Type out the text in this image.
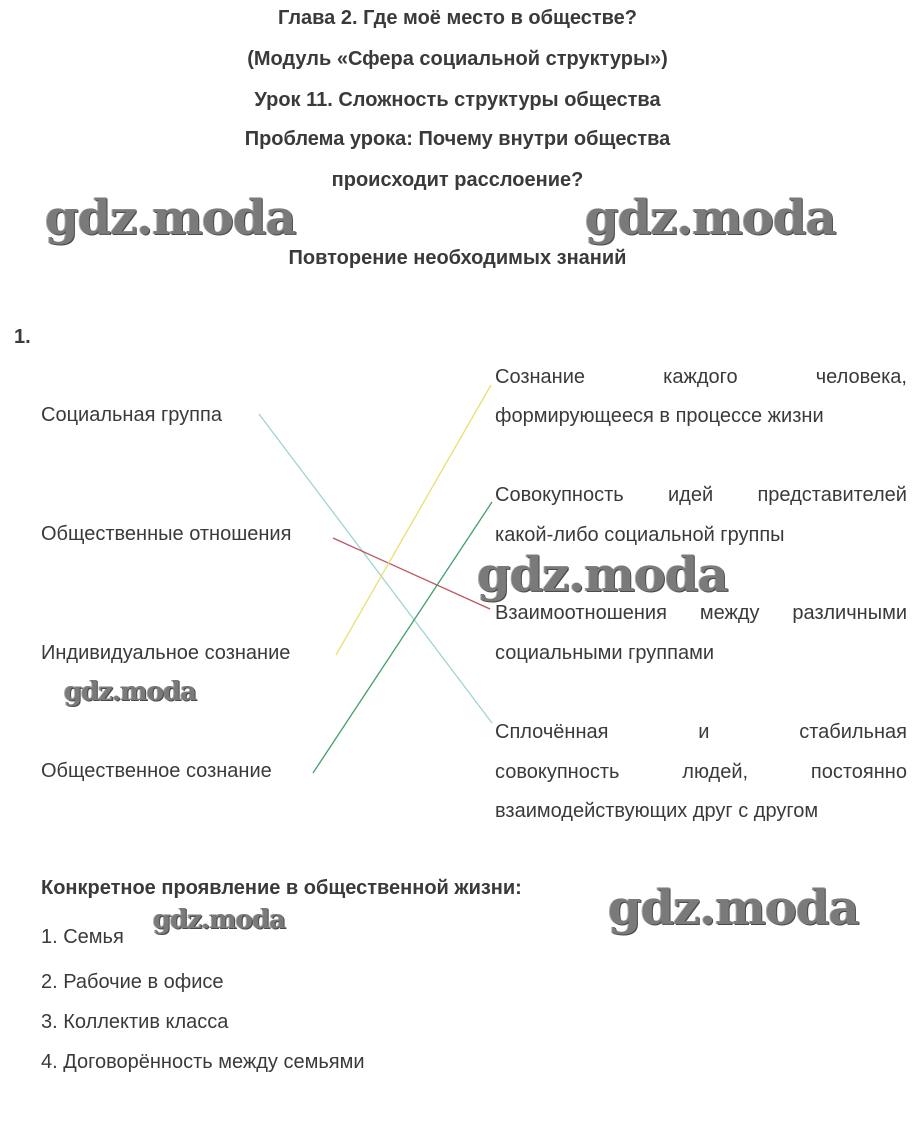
Глава 2. Где моё место в обществе?

(Модуль «Сфера социальной структуры»)

Урок 11. Сложность структуры общества

Проблема урока: Почему внутри общества

происходит расслоение?

Повторение необходимых знаний

1.
Социальная группа
Общественные отношения
Индивидуальное сознание
Общественное сознание
Сознание	каждого	человека,
формирующееся в процессе жизни
Совокупность идей представителей
какой-либо социальной группы
Взаимоотношения между различными
социальными группами
Сплочённая	и	стабильная
совокупность	людей,	постоянно
взаимодействующих друг с другом
Конкретное проявление в общественной жизни:
1. Семья
2. Рабочие в офисе
3. Коллектив класса
4. Договорённость между семьями
gdz.moda	gdz.moda
gdz.moda
gdz.moda
gdz.moda
gdz.moda
